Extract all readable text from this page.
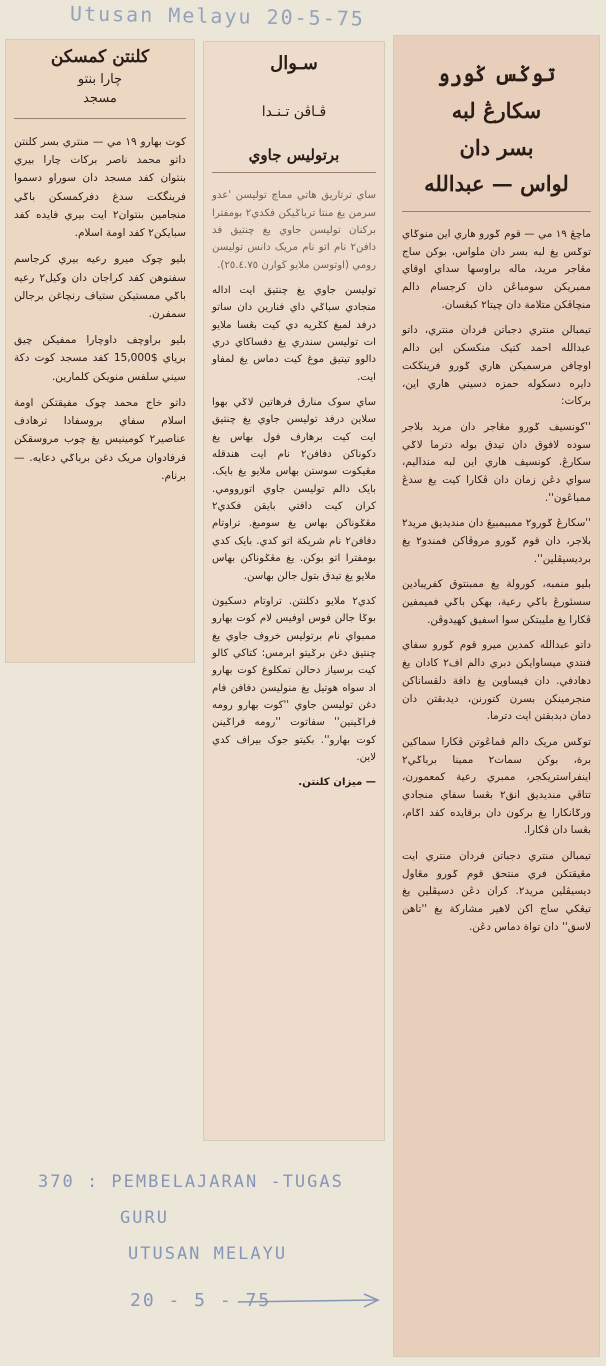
Utusan Melayu 20-5-75
کلنتن کمسکن
چارا بنتو
مسجد

کوت بهارو ١٩ مي — منتري بسر کلنتن داتو محمد ناصر برکات چارا بيري بنتوان کفد مسجد دان سوراو دسموا فرينگکت سدغ دفرکمسکن باݢي منجامين بنتوان٢ ايت بيري فايده کفد سبايکن٢ کفد اومة اسلام.

بليو چوک ميرو رعيه بيري کرجاسم سفنوهن کفد کراجان دان وکيل٢ رعيه باݢي ممستيکن ستياف رنچاغن برجالن سمفرن.

بليو براوچف داوچارا ممفيکن چيق برياي $15,000 کفد مسجد کوت دکة سيني سلفس منويکن کلمارين.

داتو خاج محمد چوک مفيقتکن اومة اسلام سفاي بروسفادا ترهادف عناصير٢ کومينيس يغ چوب مروسقکن فرفادوان مريک دغن برباݢي دعايه. — برنام.

سـوال
ڤـاڤن تـنـدا
برتوليس جاوي

ساي ترتاريق هاتي مماچ توليسن 'عدو سرمن يغ منتا ترباݢيکن فکدي٢ بومفترا برکنان توليسن جاوي يغ چنتيق فد دافن٢ نام اتو نام مريک دانس توليسن رومي (اوتوسن ملايو ڬوارن ٢٥.٤.٧٥).

توليسن جاوي يغ چنتيق ايت اداله منجادي سباݢي داي فنارين دان ساتو درفد لمبغ کݢريه دي کيت بڠسا ملايو ات توليسن سندري يغ دفساکاي دري دالوو تيتيق موغ کيت دماس يغ لمفاو ايت.

ساي سوک منارق فرهاتين لاݢي بهوا سلاين درفد توليسن جاوي يغ چنتيق ايت کيت برهارف فول بهاس يغ دکوناکن دفافن٢ نام ايت هندقله مڠيکوت سوستن بهاس ملايو يغ بايک. بايک دالم توليسن جاوي اتوروومي. کران کيت دافتي بايقن فکدي٢ مڠݢوناکن بهاس يغ سومبغ. تراوتام دفافن٢ نام شريکة اتو کدي. بايک کدي بومفترا اتو بوکن. يغ مڠݢوناکن بهاس ملايو يغ تيدق بتول جالن بهاسن.

کدي٢ ملايو دکلنتن. تراوتام دسکيون بوݢا جالن فوس اوفيس لام کوت بهارو ممبواي نام برتوليس خروف جاوي يغ چنتيق دغن برݢيتو ابرمس: کتاکي کالو کيت برسياز دحالن تمکلوغ کوت بهارو اد سواه هوتيل يغ منوليسن دفافن فام دغن توليسن جاوي ''کوت بهارو رومه فراݢينين'' سفاتوت ''رومه فراݢينن کوت بهارو''. بکيتو جوک بيراف کدي لاين.

— ميزان کلنتن.
توݢس ݢورو
سکارڠ لبه
بسر دان
لواس — عبدالله

ماچڠ ١٩ مي — قوم ݢورو هاري اين منوݢاي توݢس يغ لبه بسر دان ملواس، بوکن ساج مڠاجر مريد، ماله براوسها سداي اوقاي ممبريکن سومباڠن دان کرجسام دالم منچاڤکن متلامة دان چيتا٢ کبڠسان.

تيمبالن منتري دجباتن فردان منتري، داتو عبدالله احمد کتيک منکسکن اين دالم اوچافن مرسميکن هاري ݢورو فرينڬکت دايره دسکوله حمزه دسيني هاري اين، برکات:

''کونسيف ݢورو مڠاجر دان مريد بلاجر سوده لافوق دان تيدق بوله دترما لاݢي سکارڠ. کونسيف هاري اين لبه منداليم، سواي دڠن زمان دان ڤکارا کيت يغ سدڠ ممباڠون''.

''سکارڠ ݢورو٢ ممبيمبيڠ دان منديديق مريد٢ بلاجر، دان قوم ݢورو مروڤاکن فمندو٢ يغ برديسيڤلين''.

بليو منمبه، کورولة يغ ممبنتوق کفريبادين سسئورڠ باݢي رعية، بهکن باݢي فميمفين ڤکارا يغ مليبتکن سوا اسفيق کهيدوڤن.

داتو عبدالله کمدين ميرو قوم ݢورو سفاي فنتدي ميساوايکن دبري دالم اف٢ کادان يغ دهادفي. دان فيساوين يغ دافة دلقساناکن منجرمينکن بسرن کتورنن، ديدبقتن دان دمان دبدبقتن ايت دترما.

توݢس مريک دالم قماڠوتن ڤکارا سماکين برة، بوکن سمات٢ ممينا برباݢي٢ اينفراستريکجر، ممبري رعية کمعمورن، تتاڤي منديديق انق٢ بڠسا سفاي منجادي ورݢانکارا يغ برکون دان برقايده کفد اݢام، بڠسا دان ڤکارا.

تيمبالن منتري دجباتن فردان منتري ايت مڠيقتکن فري منتحق قوم ݢورو مڠاول ديسيڤلين مريد٢. کران دڠن دسيڤلين يغ تيڠکي ساج اکن لاهير مشارکة يغ ''تاهن لاسق'' دان تواة دماس دڠن.

370 : PEMBELAJARAN -TUGAS
GURU
UTUSAN MELAYU
20 - 5 - 75
